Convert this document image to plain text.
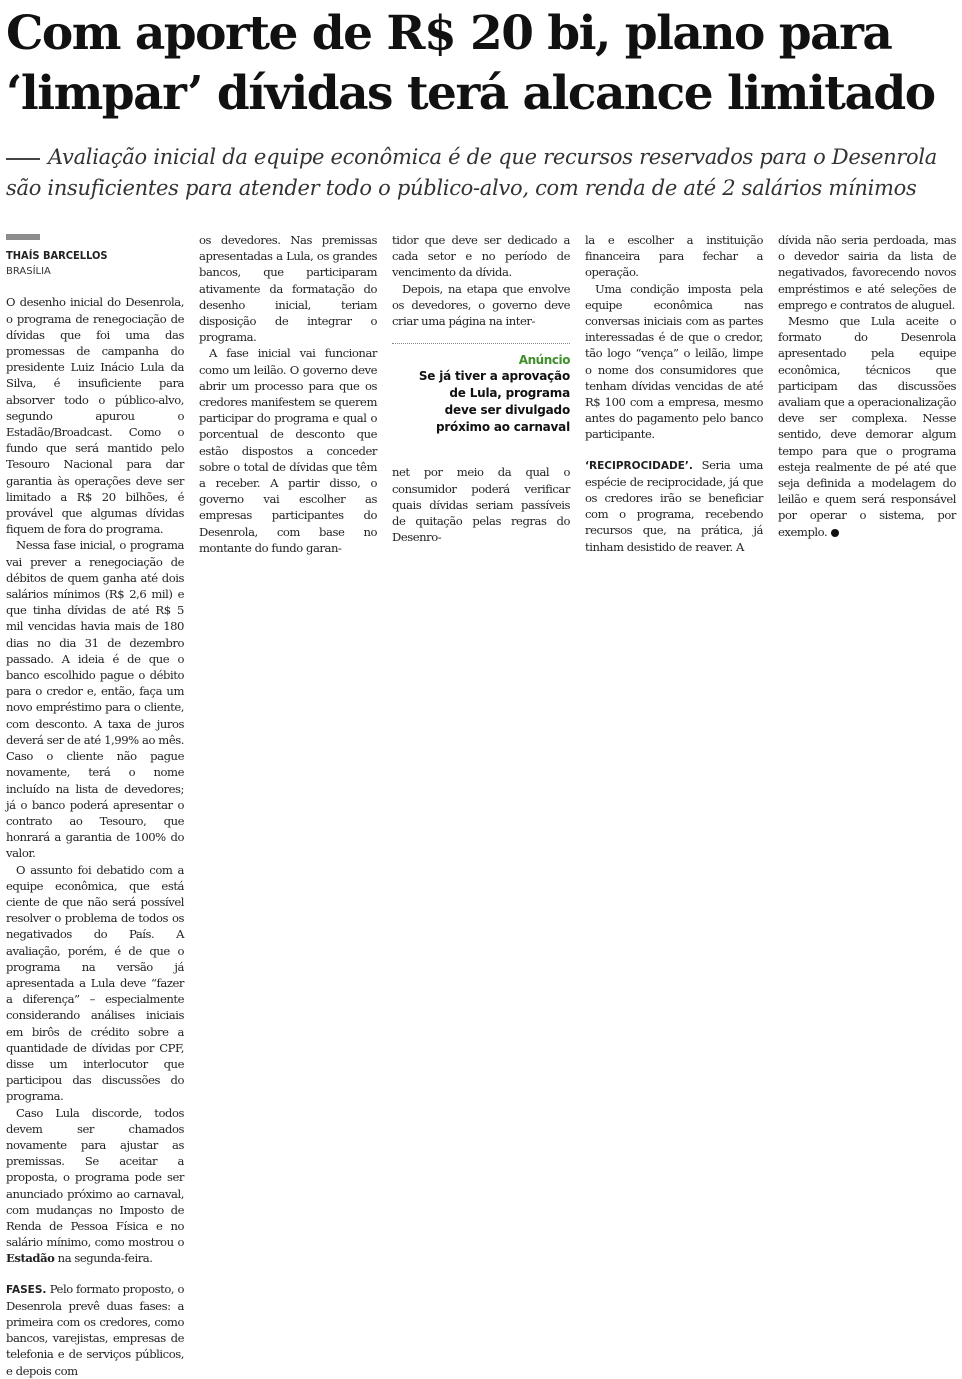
Com aporte de R$ 20 bi, plano para
‘limpar’ dívidas terá alcance limitado
Avaliação inicial da equipe econômica é de que recursos reservados para o Desenrola
são insuficientes para atender todo o público-alvo, com renda de até 2 salários mínimos
THAÍS BARCELLOS
BRASÍLIA

O desenho inicial do Desenrola, o programa de renegociação de dívidas que foi uma das promessas de campanha do presidente Luiz Inácio Lula da Silva, é insuficiente para absorver todo o público-alvo, segundo apurou o Estadão/Broadcast. Como o fundo que será mantido pelo Tesouro Nacional para dar garantia às operações deve ser limitado a R$ 20 bilhões, é provável que algumas dívidas fiquem de fora do programa.

Nessa fase inicial, o programa vai prever a renegociação de débitos de quem ganha até dois salários mínimos (R$ 2,6 mil) e que tinha dívidas de até R$ 5 mil vencidas havia mais de 180 dias no dia 31 de dezembro passado. A ideia é de que o banco escolhido pague o débito para o credor e, então, faça um novo empréstimo para o cliente, com desconto. A taxa de juros deverá ser de até 1,99% ao mês. Caso o cliente não pague novamente, terá o nome incluído na lista de devedores; já o banco poderá apresentar o contrato ao Tesouro, que honrará a garantia de 100% do valor.

O assunto foi debatido com a equipe econômica, que está ciente de que não será possível resolver o problema de todos os negativados do País. A avaliação, porém, é de que o programa na versão já apresentada a Lula deve “fazer a diferença” – especialmente considerando análises iniciais em birôs de crédito sobre a quantidade de dívidas por CPF, disse um interlocutor que participou das discussões do programa.

Caso Lula discorde, todos devem ser chamados novamente para ajustar as premissas. Se aceitar a proposta, o programa pode ser anunciado próximo ao carnaval, com mudanças no Imposto de Renda de Pessoa Física e no salário mínimo, como mostrou o Estadão na segunda-feira.

FASES. Pelo formato proposto, o Desenrola prevê duas fases: a primeira com os credores, como bancos, varejistas, empresas de telefonia e de serviços públicos, e depois com

os devedores. Nas premissas apresentadas a Lula, os grandes bancos, que participaram ativamente da formatação do desenho inicial, teriam disposição de integrar o programa.

A fase inicial vai funcionar como um leilão. O governo deve abrir um processo para que os credores manifestem se querem participar do programa e qual o porcentual de desconto que estão dispostos a conceder sobre o total de dívidas que têm a receber. A partir disso, o governo vai escolher as empresas participantes do Desenrola, com base no montante do fundo garan-

tidor que deve ser dedicado a cada setor e no período de vencimento da dívida.

Depois, na etapa que envolve os devedores, o governo deve criar uma página na inter-

Anúncio
Se já tiver a aprovação
de Lula, programa
deve ser divulgado
próximo ao carnaval

net por meio da qual o consumidor poderá verificar quais dívidas seriam passíveis de quitação pelas regras do Desenro-

la e escolher a instituição financeira para fechar a operação.

Uma condição imposta pela equipe econômica nas conversas iniciais com as partes interessadas é de que o credor, tão logo “vença” o leilão, limpe o nome dos consumidores que tenham dívidas vencidas de até R$ 100 com a empresa, mesmo antes do pagamento pelo banco participante.

‘RECIPROCIDADE’. Seria uma espécie de reciprocidade, já que os credores irão se beneficiar com o programa, recebendo recursos que, na prática, já tinham desistido de reaver. A

dívida não seria perdoada, mas o devedor sairia da lista de negativados, favorecendo novos empréstimos e até seleções de emprego e contratos de aluguel.

Mesmo que Lula aceite o formato do Desenrola apresentado pela equipe econômica, técnicos que participam das discussões avaliam que a operacionalização deve ser complexa. Nesse sentido, deve demorar algum tempo para que o programa esteja realmente de pé até que seja definida a modelagem do leilão e quem será responsável por operar o sistema, por exemplo.
